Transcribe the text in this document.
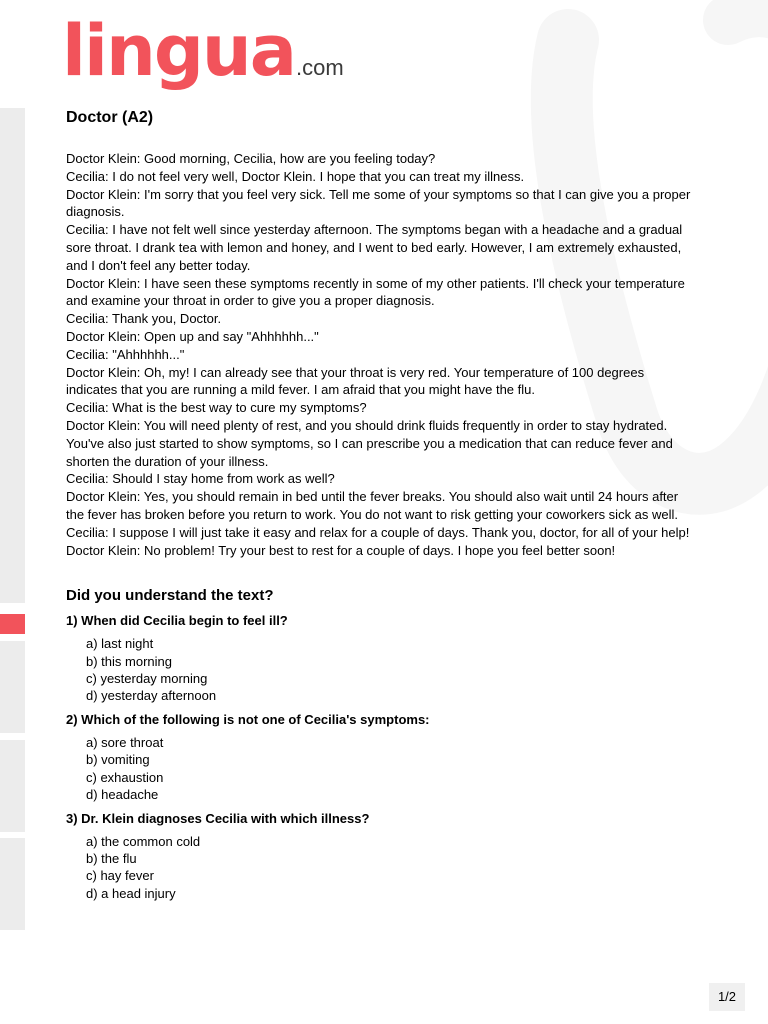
lingua .com
Doctor (A2)

Doctor Klein: Good morning, Cecilia, how are you feeling today?

Cecilia: I do not feel very well, Doctor Klein. I hope that you can treat my illness.

Doctor Klein: I'm sorry that you feel very sick. Tell me some of your symptoms so that I can give you a proper diagnosis.

Cecilia: I have not felt well since yesterday afternoon. The symptoms began with a headache and a gradual sore throat. I drank tea with lemon and honey, and I went to bed early. However, I am extremely exhausted, and I don't feel any better today.

Doctor Klein: I have seen these symptoms recently in some of my other patients. I'll check your temperature and examine your throat in order to give you a proper diagnosis.

Cecilia: Thank you, Doctor.

Doctor Klein: Open up and say "Ahhhhhh..."

Cecilia: "Ahhhhhh..."

Doctor Klein: Oh, my! I can already see that your throat is very red. Your temperature of 100 degrees indicates that you are running a mild fever. I am afraid that you might have the flu.

Cecilia: What is the best way to cure my symptoms?

Doctor Klein: You will need plenty of rest, and you should drink fluids frequently in order to stay hydrated. You've also just started to show symptoms, so I can prescribe you a medication that can reduce fever and shorten the duration of your illness.

Cecilia: Should I stay home from work as well?

Doctor Klein: Yes, you should remain in bed until the fever breaks. You should also wait until 24 hours after the fever has broken before you return to work. You do not want to risk getting your coworkers sick as well.

Cecilia: I suppose I will just take it easy and relax for a couple of days. Thank you, doctor, for all of your help!

Doctor Klein: No problem! Try your best to rest for a couple of days. I hope you feel better soon!

Did you understand the text?

1) When did Cecilia begin to feel ill?

a) last night
b) this morning
c) yesterday morning
d) yesterday afternoon

2) Which of the following is not one of Cecilia's symptoms:

a) sore throat
b) vomiting
c) exhaustion
d) headache

3) Dr. Klein diagnoses Cecilia with which illness?

a) the common cold
b) the flu
c) hay fever
d) a head injury
1/2
